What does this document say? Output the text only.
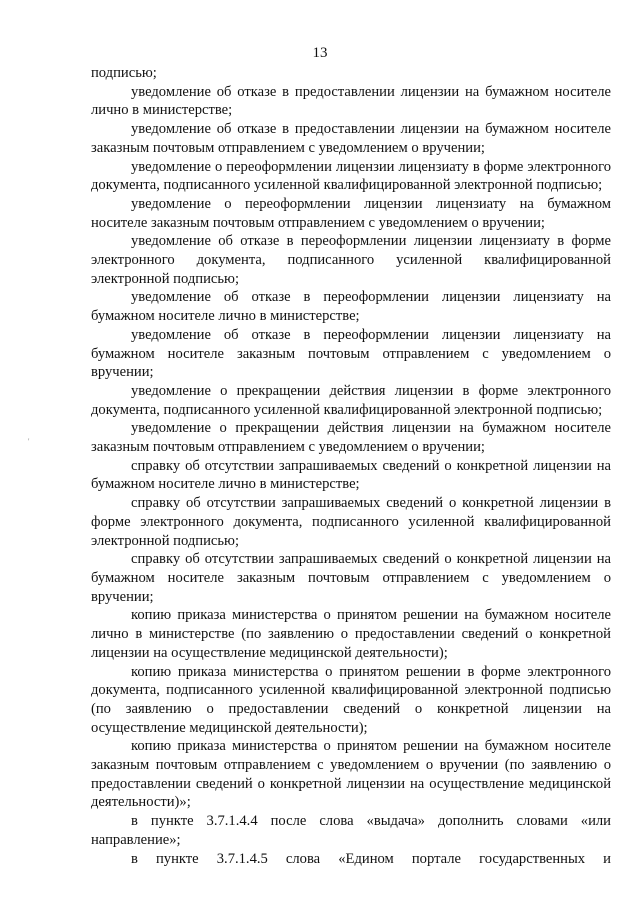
13
'

подписью;

уведомление об отказе в предоставлении лицензии на бумажном носителе лично в министерстве;

уведомление об отказе в предоставлении лицензии на бумажном носителе заказным почтовым отправлением с уведомлением о вручении;

уведомление о переоформлении лицензии лицензиату в форме электронного документа, подписанного усиленной квалифицированной электронной подписью;

уведомление о переоформлении лицензии лицензиату на бумажном носителе заказным почтовым отправлением с уведомлением о вручении;

уведомление об отказе в переоформлении лицензии лицензиату в форме электронного документа, подписанного усиленной квалифицированной электронной подписью;

уведомление об отказе в переоформлении лицензии лицензиату на бумажном носителе лично в министерстве;

уведомление об отказе в переоформлении лицензии лицензиату на бумажном носителе заказным почтовым отправлением с уведомлением о вручении;

уведомление о прекращении действия лицензии в форме электронного документа, подписанного усиленной квалифицированной электронной подписью;

уведомление о прекращении действия лицензии на бумажном носителе заказным почтовым отправлением с уведомлением о вручении;

справку об отсутствии запрашиваемых сведений о конкретной лицензии на бумажном носителе лично в министерстве;

справку об отсутствии запрашиваемых сведений о конкретной лицензии в форме электронного документа, подписанного усиленной квалифицированной электронной подписью;

справку об отсутствии запрашиваемых сведений о конкретной лицензии на бумажном носителе заказным почтовым отправлением с уведомлением о вручении;

копию приказа министерства о принятом решении на бумажном носителе лично в министерстве (по заявлению о предоставлении сведений о конкретной лицензии на осуществление медицинской деятельности);

копию приказа министерства о принятом решении в форме электронного документа, подписанного усиленной квалифицированной электронной подписью (по заявлению о предоставлении сведений о конкретной лицензии на осуществление медицинской деятельности);

копию приказа министерства о принятом решении на бумажном носителе заказным почтовым отправлением с уведомлением о вручении (по заявлению о предоставлении сведений о конкретной лицензии на осуществление медицинской деятельности)»;

в пункте 3.7.1.4.4 после слова «выдача» дополнить словами «или направление»;

в пункте 3.7.1.4.5 слова «Едином портале государственных и
